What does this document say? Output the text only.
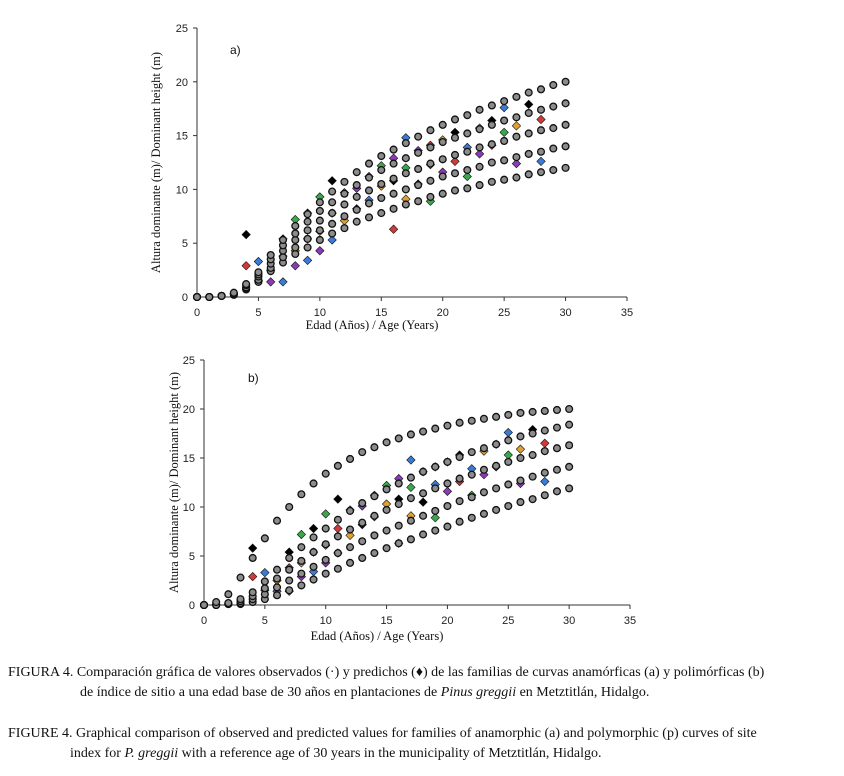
0	5	10	15	20	25	30	35
0
5
10
15
20
25
Edad (Años) / Age (Years)
Altura dominante (m)/ Dominant height (m)
a)
0	5	10	15	20	25	30	35
0
5
10
15
20
25
Edad (Años) / Age (Years)
Altura dominante (m)/ Dominant height (m)	b)
FIGURA 4. Comparación gráfica de valores observados (·) y predichos (♦) de las familias de curvas anamórficas (a) y polimórficas (b)
de índice de sitio a una edad base de 30 años en plantaciones de Pinus greggii en Metztitlán, Hidalgo.
FIGURE 4. Graphical comparison of observed and predicted values for families of anamorphic (a) and polymorphic (p) curves of site
index for P. greggii with a reference age of 30 years in the municipality of Metztitlán, Hidalgo.
